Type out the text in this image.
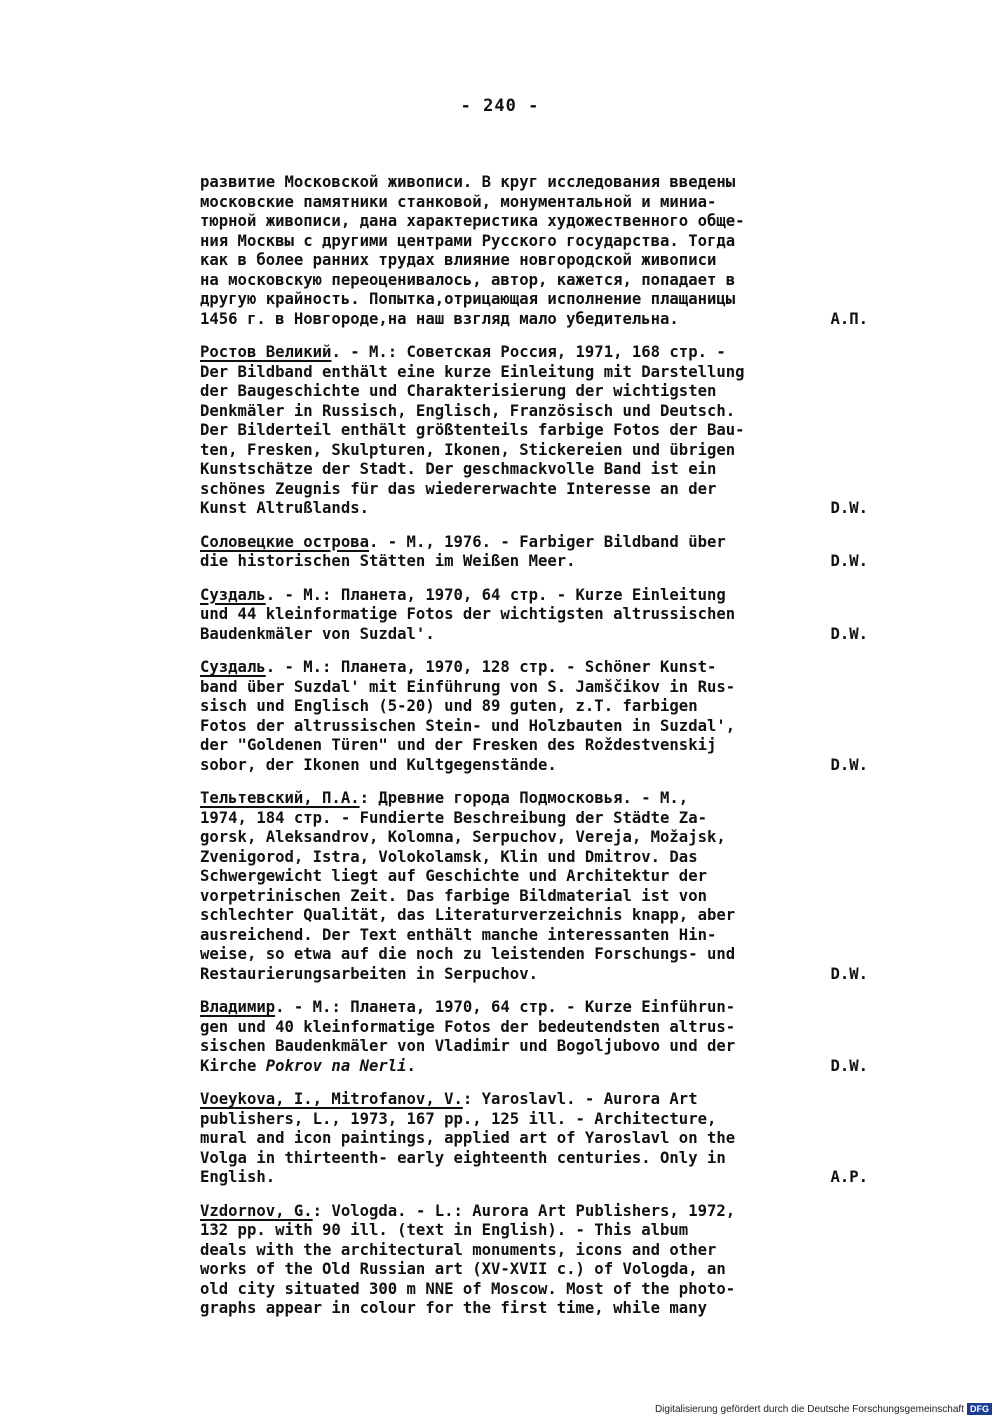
- 240 -
развитие Московской живописи. В круг исследования введены
московские памятники станковой, монументальной и миниа-
тюрной живописи, дана характеристика художественного обще-
ния Москвы с другими центрами Русского государства. Тогда
как в более ранних трудах влияние новгородской живописи
на московскую переоценивалось, автор, кажется, попадает в
другую крайность. Попытка,отрицающая исполнение плащаницы
1456 г. в Новгороде,на наш взгляд мало убедительна.	А.П.
Ростов Великий. - М.: Советская Россия, 1971, 168 стр. -
Der Bildband enthält eine kurze Einleitung mit Darstellung
der Baugeschichte und Charakterisierung der wichtigsten
Denkmäler in Russisch, Englisch, Französisch und Deutsch.
Der Bilderteil enthält größtenteils farbige Fotos der Bau-
ten, Fresken, Skulpturen, Ikonen, Stickereien und übrigen
Kunstschätze der Stadt. Der geschmackvolle Band ist ein
schönes Zeugnis für das wiedererwachte Interesse an der
Kunst Altrußlands.	D.W.
Соловецкие острова. - М., 1976. - Farbiger Bildband über
die historischen Stätten im Weißen Meer.	D.W.
Суздаль. - М.: Планета, 1970, 64 стр. - Kurze Einleitung
und 44 kleinformatige Fotos der wichtigsten altrussischen
Baudenkmäler von Suzdal'.	D.W.
Суздаль. - М.: Планета, 1970, 128 стр. - Schöner Kunst-
band über Suzdal' mit Einführung von S. Jamščikov in Rus-
sisch und Englisch (5-20) und 89 guten, z.T. farbigen
Fotos der altrussischen Stein- und Holzbauten in Suzdal',
der "Goldenen Türen" und der Fresken des Roždestvenskij
sobor, der Ikonen und Kultgegenstände.	D.W.
Тельтевский, П.А.: Древние города Подмосковья. - М.,
1974, 184 стр. - Fundierte Beschreibung der Städte Za-
gorsk, Aleksandrov, Kolomna, Serpuchov, Vereja, Možajsk,
Zvenigorod, Istra, Volokolamsk, Klin und Dmitrov. Das
Schwergewicht liegt auf Geschichte und Architektur der
vorpetrinischen Zeit. Das farbige Bildmaterial ist von
schlechter Qualität, das Literaturverzeichnis knapp, aber
ausreichend. Der Text enthält manche interessanten Hin-
weise, so etwa auf die noch zu leistenden Forschungs- und
Restaurierungsarbeiten in Serpuchov.	D.W.
Владимир. - М.: Планета, 1970, 64 стр. - Kurze Einführun-
gen und 40 kleinformatige Fotos der bedeutendsten altrus-
sischen Baudenkmäler von Vladimir und Bogoljubovo und der
Kirche Pokrov na Nerli.	D.W.
Voeykova, I., Mitrofanov, V.: Yaroslavl. - Aurora Art
publishers, L., 1973, 167 pp., 125 ill. - Architecture,
mural and icon paintings, applied art of Yaroslavl on the
Volga in thirteenth- early eighteenth centuries. Only in
English.	A.P.
Vzdornov, G.: Vologda. - L.: Aurora Art Publishers, 1972,
132 pp. with 90 ill. (text in English). - This album
deals with the architectural monuments, icons and other
works of the Old Russian art (XV-XVII c.) of Vologda, an
old city situated 300 m NNE of Moscow. Most of the photo-
graphs appear in colour for the first time, while many
Digitalisierung gefördert durch die Deutsche Forschungsgemeinschaft DFG
